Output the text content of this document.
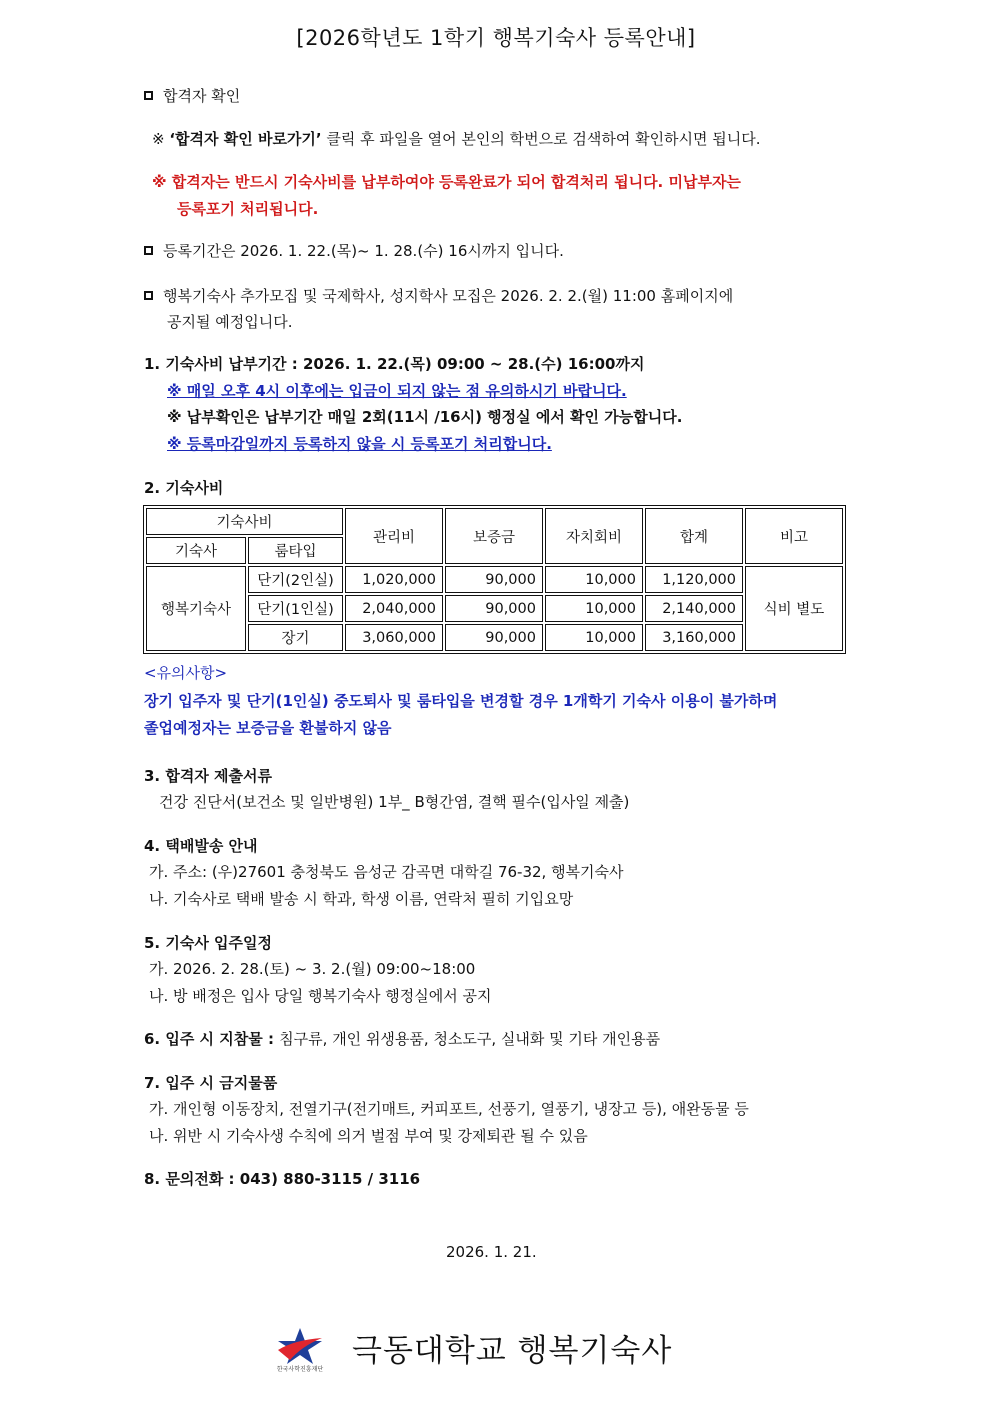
[2026학년도 1학기 행복기숙사 등록안내]
합격자 확인
※ ‘합격자 확인 바로가기’ 클릭 후 파일을 열어 본인의 학번으로 검색하여 확인하시면 됩니다.
※ 합격자는 반드시 기숙사비를 납부하여야 등록완료가 되어 합격처리 됩니다. 미납부자는
등록포기 처리됩니다.
등록기간은 2026. 1. 22.(목)~ 1. 28.(수) 16시까지 입니다.
행복기숙사 추가모집 및 국제학사, 성지학사 모집은 2026. 2. 2.(월) 11:00 홈페이지에
공지될 예정입니다.
1. 기숙사비 납부기간 : 2026. 1. 22.(목) 09:00 ~ 28.(수) 16:00까지
※ 매일 오후 4시 이후에는 입금이 되지 않는 점 유의하시기 바랍니다.
※ 납부확인은 납부기간 매일 2회(11시 /16시) 행정실 에서 확인 가능합니다.
※ 등록마감일까지 등록하지 않을 시 등록포기 처리합니다.
2. 기숙사비
기숙사비		관리비	보증금	자치회비	합계	비고
기숙사	룸타입					
행복기숙사	단기(2인실)	1,020,000	90,000	10,000	1,120,000	식비 별도
	단기(1인실)	2,040,000	90,000	10,000	2,140,000	
	장기	3,060,000	90,000	10,000	3,160,000	
<유의사항>
장기 입주자 및 단기(1인실) 중도퇴사 및 룸타입을 변경할 경우 1개학기 기숙사 이용이 불가하며
졸업예정자는 보증금을 환불하지 않음
3. 합격자 제출서류
건강 진단서(보건소 및 일반병원) 1부_ B형간염, 결핵 필수(입사일 제출)
4. 택배발송 안내
가. 주소: (우)27601 충청북도 음성군 감곡면 대학길 76-32, 행복기숙사
나. 기숙사로 택배 발송 시 학과, 학생 이름, 연락처 필히 기입요망
5. 기숙사 입주일정
가. 2026. 2. 28.(토) ~ 3. 2.(월) 09:00~18:00
나. 방 배정은 입사 당일 행복기숙사 행정실에서 공지
6. 입주 시 지참물 : 침구류, 개인 위생용품, 청소도구, 실내화 및 기타 개인용품
7. 입주 시 금지물품
가. 개인형 이동장치, 전열기구(전기매트, 커피포트, 선풍기, 열풍기, 냉장고 등), 애완동물 등
나. 위반 시 기숙사생 수칙에 의거 벌점 부여 및 강제퇴관 될 수 있음
8. 문의전화 : 043) 880-3115 / 3116
2026. 1. 21.
한국사학진흥재단
극동대학교 행복기숙사
